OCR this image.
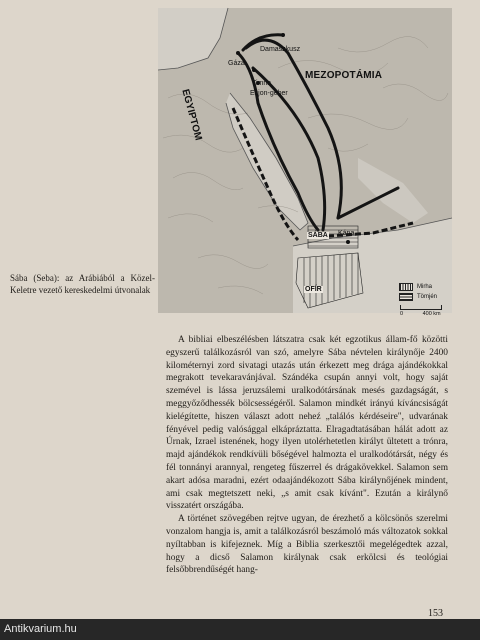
Damaszkusz
Gáza
MEZOPOTÁMIA
Timna
Ecjon-geber
EGYIPTOM
SÁBA Kána
OFÍR	Mirha
Tömjén
0	400 km
Sába (Seba): az Arábiából a Közel-Keletre vezető kereskedelmi útvonalak

A bibliai elbeszélésben látszatra csak két egzotikus állam-fő közötti egyszerű találkozásról van szó, amelyre Sába névtelen királynője 2400 kilométernyi zord sivatagi utazás után érkezett meg drága ajándékokkal megrakott tevekaravánjával. Szándéka csupán annyi volt, hogy saját szemével is lássa jeruzsálemi uralkodótársának mesés gazdagságát, s meggyőződhessék bölcsességéről. Salamon mindkét irányú kíváncsiságát kielégítette, hiszen választ adott neheź „találós kérdéseire", udvarának fényével pedig valósággal elkápráztatta. Elragadtatásában hálát adott az Úrnak, Izrael istenének, hogy ilyen utolérhetetlen királyt ültetett a trónra, majd ajándékok rendkívüli bőségével halmozta el uralkodótársát, négy és fél tonnányi arannyal, rengeteg fűszerrel és drágakövekkel. Salamon sem akart adósa maradni, ezért odaajándékozott Sába királynőjének mindent, ami csak megtetszett neki, „s amit csak kívánt". Ezután a királynő visszatért országába.

A történet szövegében rejtve ugyan, de érezhető a kölcsönös szerelmi vonzalom hangja is, amit a találkozásról beszámoló más változatok sokkal nyíltabban is kifejeznek. Míg a Biblia szerkesztői megelégedtek azzal, hogy a dicső Salamon királynak csak erkölcsi és teológiai felsőbbrendűségét hang-

153
Antikvarium.hu
